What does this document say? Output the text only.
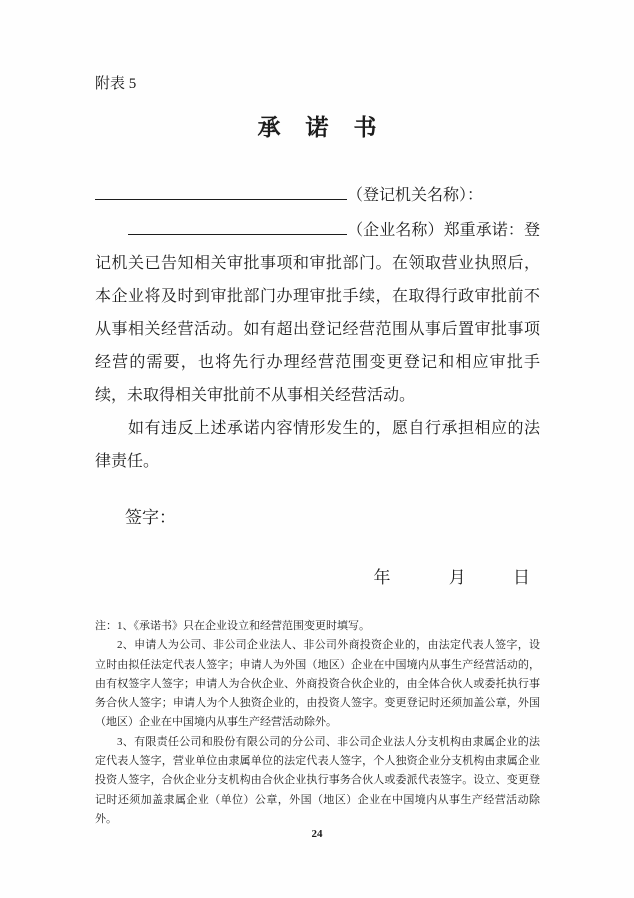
附表 5
承　诺　书
（登记机关名称）：

（企业名称）郑重承诺：登记机关已告知相关审批事项和审批部门。在领取营业执照后，本企业将及时到审批部门办理审批手续，在取得行政审批前不从事相关经营活动。如有超出登记经营范围从事后置审批事项经营的需要，也将先行办理经营范围变更登记和相应审批手续，未取得相关审批前不从事相关经营活动。

如有违反上述承诺内容情形发生的，愿自行承担相应的法律责任。

签字：
年	月	日

注：1、《承诺书》只在企业设立和经营范围变更时填写。

2、申请人为公司、非公司企业法人、非公司外商投资企业的，由法定代表人签字，设立时由拟任法定代表人签字；申请人为外国（地区）企业在中国境内从事生产经营活动的，由有权签字人签字；申请人为合伙企业、外商投资合伙企业的，由全体合伙人或委托执行事务合伙人签字；申请人为个人独资企业的，由投资人签字。变更登记时还须加盖公章，外国（地区）企业在中国境内从事生产经营活动除外。

3、有限责任公司和股份有限公司的分公司、非公司企业法人分支机构由隶属企业的法定代表人签字，营业单位由隶属单位的法定代表人签字，个人独资企业分支机构由隶属企业投资人签字，合伙企业分支机构由合伙企业执行事务合伙人或委派代表签字。设立、变更登记时还须加盖隶属企业（单位）公章，外国（地区）企业在中国境内从事生产经营活动除外。

24
